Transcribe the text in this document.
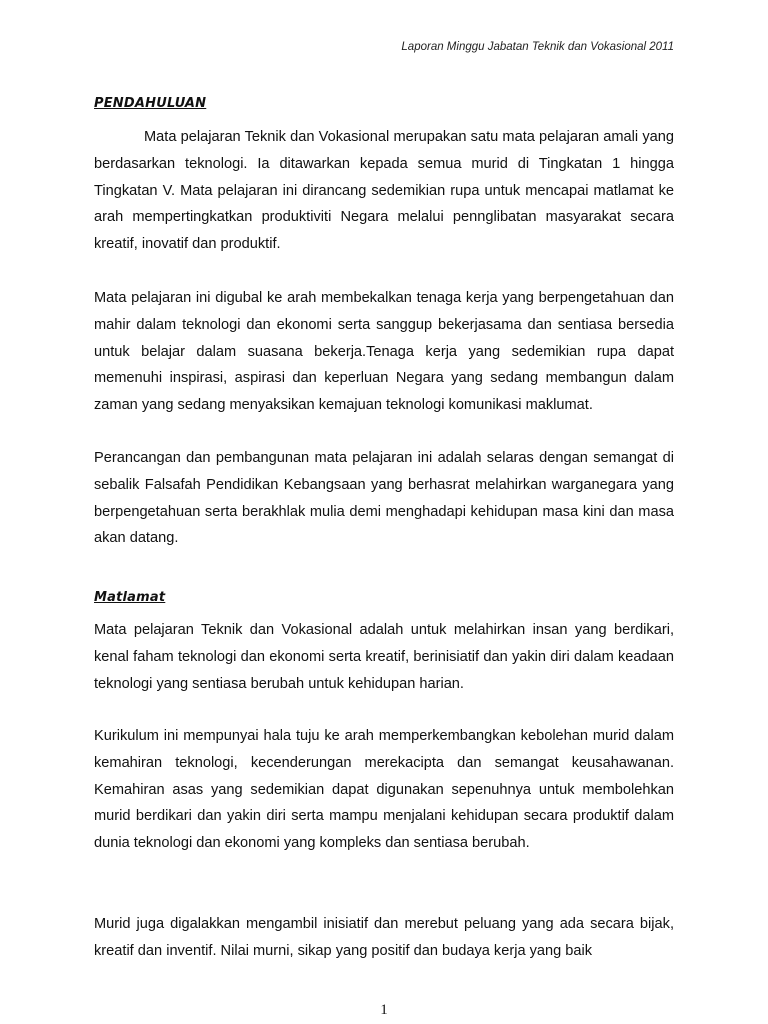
Laporan Minggu Jabatan Teknik dan Vokasional 2011
PENDAHULUAN

Mata pelajaran Teknik dan Vokasional merupakan satu mata pelajaran amali yang berdasarkan teknologi. Ia ditawarkan kepada semua murid di Tingkatan 1 hingga Tingkatan V. Mata pelajaran ini dirancang sedemikian rupa untuk mencapai matlamat ke arah mempertingkatkan produktiviti Negara melalui pennglibatan masyarakat secara kreatif, inovatif dan produktif.

Mata pelajaran ini digubal ke arah membekalkan tenaga kerja yang berpengetahuan dan mahir dalam teknologi dan ekonomi serta sanggup bekerjasama dan sentiasa bersedia untuk belajar dalam suasana bekerja.Tenaga kerja yang sedemikian rupa dapat memenuhi inspirasi, aspirasi dan keperluan Negara yang sedang membangun dalam zaman yang sedang menyaksikan kemajuan teknologi komunikasi maklumat.

Perancangan dan pembangunan mata pelajaran ini adalah selaras dengan semangat di sebalik Falsafah Pendidikan Kebangsaan yang berhasrat melahirkan warganegara yang berpengetahuan serta berakhlak mulia demi menghadapi kehidupan masa kini dan masa akan datang.

Matlamat

Mata pelajaran Teknik dan Vokasional adalah untuk melahirkan insan yang berdikari, kenal faham teknologi dan ekonomi serta kreatif, berinisiatif dan yakin diri dalam keadaan teknologi yang sentiasa berubah untuk kehidupan harian.

Kurikulum ini mempunyai hala tuju ke arah memperkembangkan kebolehan murid dalam kemahiran teknologi, kecenderungan merekacipta dan semangat keusahawanan. Kemahiran asas yang sedemikian dapat digunakan sepenuhnya untuk membolehkan murid berdikari dan yakin diri serta mampu menjalani kehidupan secara produktif dalam dunia teknologi dan ekonomi yang kompleks dan sentiasa berubah.

Murid juga digalakkan mengambil inisiatif dan merebut peluang yang ada secara bijak, kreatif dan inventif. Nilai murni, sikap yang positif dan budaya kerja yang baik

1
